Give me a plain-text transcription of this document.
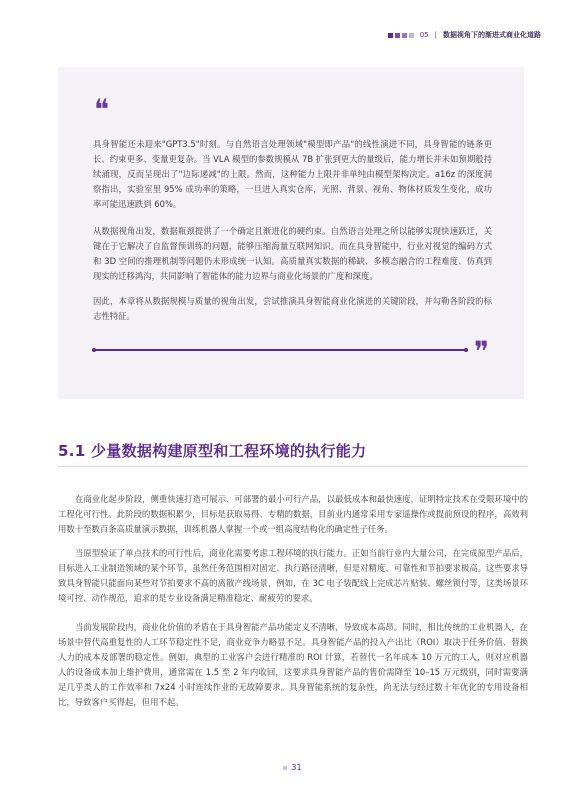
05 | 数据视角下的渐进式商业化道路
❝

具身智能还未迎来"GPT3.5"时刻。与自然语言处理领域"模型即产品"的线性演进不同，具身智能的链条更长、约束更多、变量更复杂。当 VLA 模型的参数规模从 7B 扩张到更大的量级后，能力增长并未如预期般持续涌现，反而呈现出了"边际递减"的上限。然而，这种能力上限并非单纯由模型架构决定。a16z 的深度洞察指出，实验室里 95% 成功率的策略，一旦进入真实仓库，光照、背景、视角、物体材质发生变化，成功率可能迅速跌到 60%。

从数据视角出发，数据瓶颈提供了一个确定且渐进化的硬约束。自然语言处理之所以能够实现快速跃迁，关键在于它解决了自监督预训练的问题，能够压缩海量互联网知识。而在具身智能中，行业对视觉的编码方式和 3D 空间的推理机制等问题仍未形成统一认知。高质量真实数据的稀缺、多模态融合的工程难度、仿真到现实的迁移鸿沟，共同影响了智能体的能力边界与商业化场景的广度和深度。

因此，本章将从数据规模与质量的视角出发，尝试推演具身智能商业化演进的关键阶段，并勾勒各阶段的标志性特征。

❞
5.1 少量数据构建原型和工程环境的执行能力

在商业化起步阶段，侧重快速打造可展示、可部署的最小可行产品，以最低成本和最快速度，证明特定技术在受限环境中的工程化可行性。此阶段的数据积累少，目标是获取易得、专精的数据，目前业内通常采用专家遥操作或提前预设的程序，高效利用数十至数百条高质量演示数据，训练机器人掌握一个或一组高度结构化的确定性子任务。

当原型验证了单点技术的可行性后，商业化需要考虑工程环境的执行能力。正如当前行业内大量公司，在完成原型产品后，目标进入工业制造领域的某个环节，虽然任务范围相对固定、执行路径清晰，但是对精度、可靠性和节拍要求极高。这些要求导致具身智能只能面向某些对节拍要求不高的离散产线场景，例如，在 3C 电子装配线上完成芯片贴装、螺丝锁付等，这类场景环境可控、动作规范，追求的是专业设备满足精准稳定、耐疲劳的要求。

当前发展阶段内，商业化价值的矛盾在于具身智能产品功能定义不清晰，导致成本高昂。同时，相比传统的工业机器人，在场景中替代高重复性的人工环节稳定性不足，商业竞争力略显不足。具身智能产品的投入产出比（ROI）取决于任务价值、替换人力的成本及部署的稳定性。例如，典型的工业客户会进行精准的 ROI 计算，若替代一名年成本 10 万元的工人，则对应机器人的设备成本加上维护费用，通常需在 1.5 至 2 年内收回，这要求具身智能产品的售价需降至 10–15 万元级别，同时需要满足几乎类人的工作效率和 7x24 小时连续作业的无故障要求。具身智能系统的复杂性，尚无法与经过数十年优化的专用设备相比，导致客户买得起，但用不起。

31
